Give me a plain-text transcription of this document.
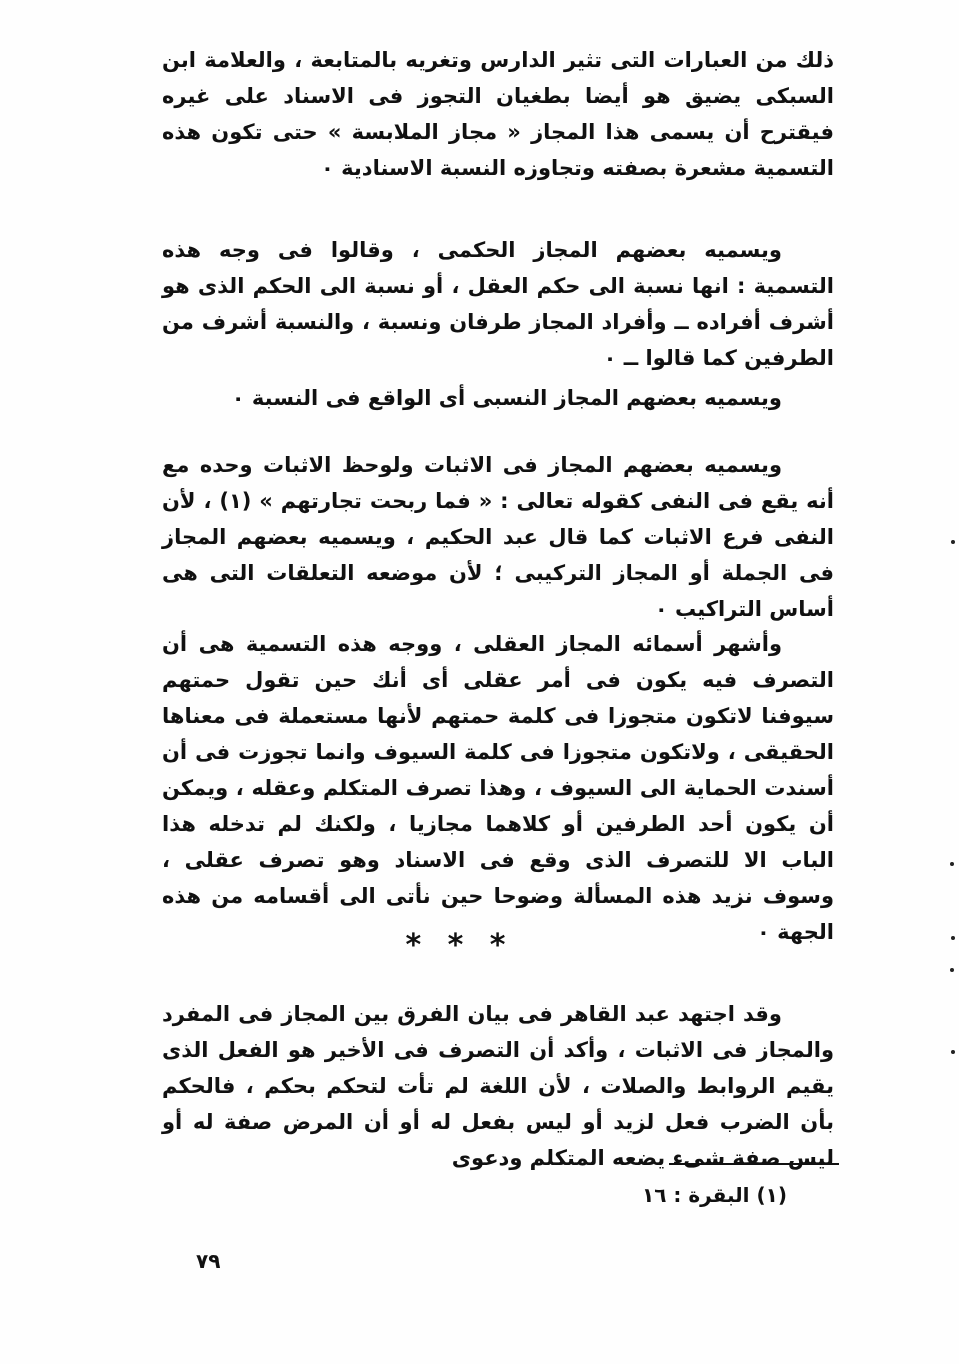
ذلك من العبارات التى تثير الدارس وتغريه بالمتابعة ، والعلامة ابن السبكى يضيق هو أيضا بطغيان التجوز فى الاسناد على غيره فيقترح أن يسمى هذا المجاز « مجاز الملابسة » حتى تكون هذه التسمية مشعرة بصفته وتجاوزه النسبة الاسنادية ٠

ويسميه بعضهم المجاز الحكمى ، وقالوا فى وجه هذه التسمية : انها نسبة الى حكم العقل ، أو نسبة الى الحكم الذى هو أشرف أفراده ــ وأفراد المجاز طرفان ونسبة ، والنسبة أشرف من الطرفين كما قالوا ــ ٠

ويسميه بعضهم المجاز النسبى أى الواقع فى النسبة ٠

ويسميه بعضهم المجاز فى الاثبات ولوحظ الاثبات وحده مع أنه يقع فى النفى كقوله تعالى : « فما ربحت تجارتهم » (١) ، لأن النفى فرع الاثبات كما قال عبد الحكيم ، ويسميه بعضهم المجاز فى الجملة أو المجاز التركيبى ؛ لأن موضعه التعلقات التى هى أساس التراكيب ٠

وأشهر أسمائه المجاز العقلى ، ووجه هذه التسمية هى أن التصرف فيه يكون فى أمر عقلى أى أنك حين تقول حمتهم سيوفنا لاتكون متجوزا فى كلمة حمتهم لأنها مستعملة فى معناها الحقيقى ، ولاتكون متجوزا فى كلمة السيوف وانما تجوزت فى أن أسندت الحماية الى السيوف ، وهذا تصرف المتكلم وعقله ، ويمكن أن يكون أحد الطرفين أو كلاهما مجازيا ، ولكنك لم تدخله هذا الباب الا للتصرف الذى وقع فى الاسناد وهو تصرف عقلى ، وسوف نزيد هذه المسألة وضوحا حين نأتى الى أقسامه من هذه الجهة ٠

* * *

وقد اجتهد عبد القاهر فى بيان الفرق بين المجاز فى المفرد والمجاز فى الاثبات ، وأكد أن التصرف فى الأخير هو الفعل الذى يقيم الروابط والصلات ، لأن اللغة لم تأت لتحكم بحكم ، فالحكم بأن الضرب فعل لزيد أو ليس بفعل له أو أن المرض صفة له أو ليس صفة شىء يضعه المتكلم ودعوى

(١) البقرة : ١٦
٧٩
